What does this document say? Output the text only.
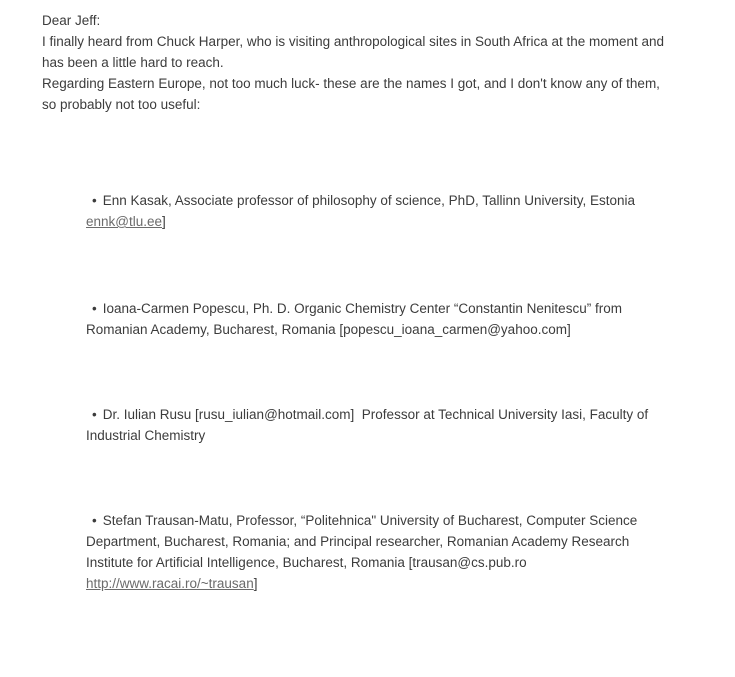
Dear Jeff:

I finally heard from Chuck Harper, who is visiting anthropological sites in South Africa at the moment and
has been a little hard to reach.

Regarding Eastern Europe, not too much luck- these are the names I got, and I don't know any of them,
so probably not too useful:

• Enn Kasak, Associate professor of philosophy of science, PhD, Tallinn University, Estonia
ennk@tlu.ee]
• Ioana-Carmen Popescu, Ph. D. Organic Chemistry Center “Constantin Nenitescu” from
Romanian Academy, Bucharest, Romania [popescu_ioana_carmen@yahoo.com]
• Dr. Iulian Rusu [rusu_iulian@hotmail.com]  Professor at Technical University Iasi, Faculty of
Industrial Chemistry
• Stefan Trausan-Matu, Professor, “Politehnica" University of Bucharest, Computer Science
Department, Bucharest, Romania; and Principal researcher, Romanian Academy Research
Institute for Artificial Intelligence, Bucharest, Romania [trausan@cs.pub.ro
http://www.racai.ro/~trausan]
